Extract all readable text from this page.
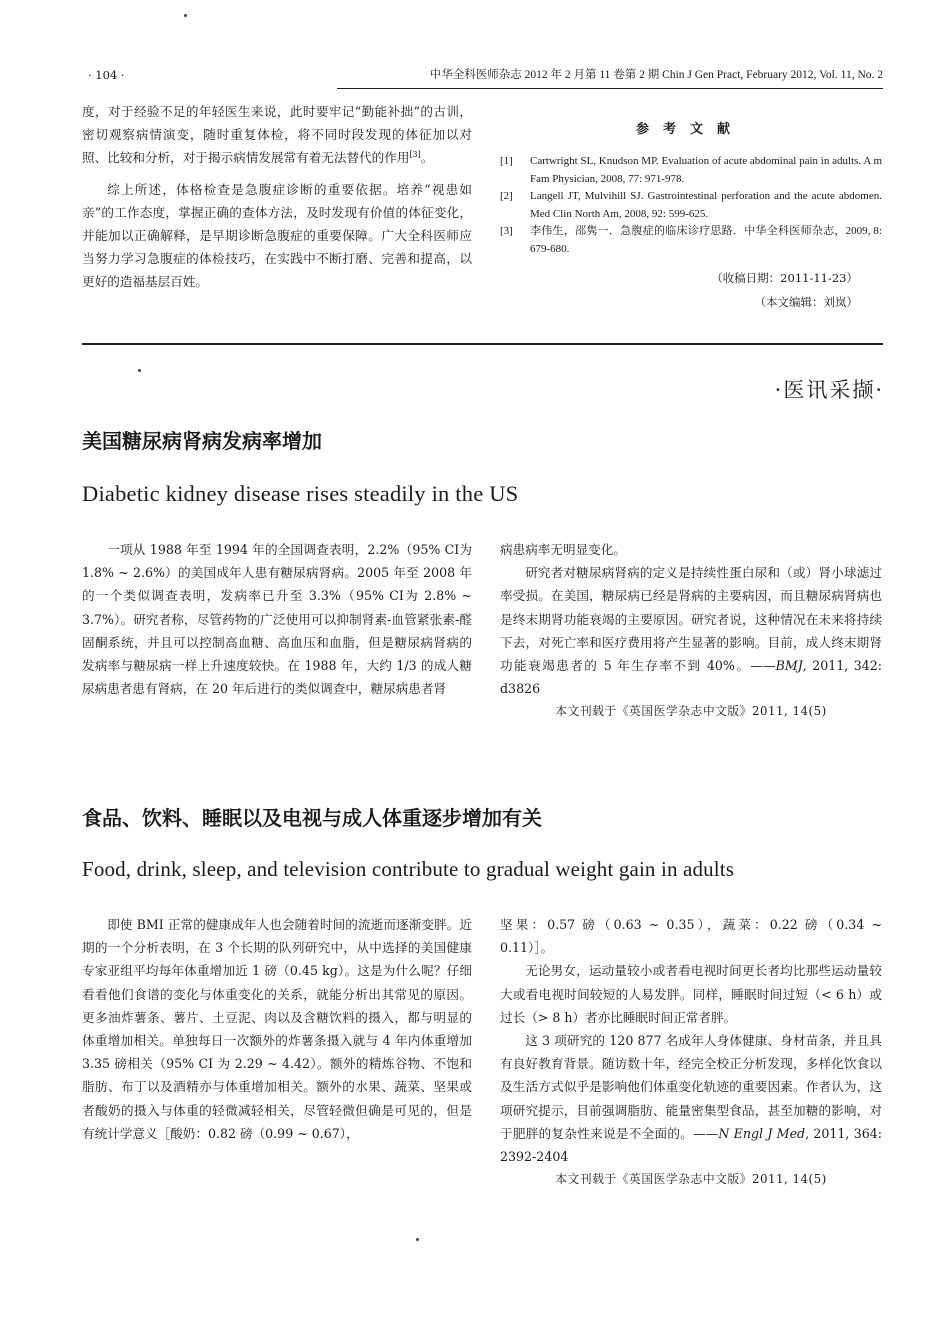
· 104 ·	中华全科医师杂志 2012 年 2 月第 11 卷第 2 期 Chin J Gen Pract, February 2012, Vol. 11, No. 2

度，对于经验不足的年轻医生来说，此时要牢记“勤能补拙”的古训，密切观察病情演变，随时重复体检，将不同时段发现的体征加以对照、比较和分析，对于揭示病情发展常有着无法替代的作用[3]。

综上所述，体格检查是急腹症诊断的重要依据。培养“视患如亲”的工作态度，掌握正确的查体方法，及时发现有价值的体征变化，并能加以正确解释，是早期诊断急腹症的重要保障。广大全科医师应当努力学习急腹症的体检技巧，在实践中不断打磨、完善和提高，以更好的造福基层百姓。

参考文献
[1] Cartwright SL, Knudson MP. Evaluation of acute abdominal pain in adults. A m Fam Physician, 2008, 77: 971-978.
[2] Langell JT, Mulvihill SJ. Gastrointestinal perforation and the acute abdomen. Med Clin North Am, 2008, 92: 599-625.
[3] 李伟生，邵隽一．急腹症的临床诊疗思路．中华全科医师杂志，2009, 8: 679-680.
（收稿日期：2011-11-23）
（本文编辑：刘岚）
·医讯采撷·
美国糖尿病肾病发病率增加
Diabetic kidney disease rises steadily in the US

一项从 1988 年至 1994 年的全国调查表明，2.2%（95% CI为 1.8% ~ 2.6%）的美国成年人患有糖尿病肾病。2005 年至 2008 年的一个类似调查表明，发病率已升至 3.3%（95% CI为 2.8% ~ 3.7%）。研究者称，尽管药物的广泛使用可以抑制肾素-血管紧张素-醛固酮系统，并且可以控制高血糖、高血压和血脂，但是糖尿病肾病的发病率与糖尿病一样上升速度较快。在 1988 年，大约 1/3 的成人糖尿病患者患有肾病，在 20 年后进行的类似调查中，糖尿病患者肾

病患病率无明显变化。

研究者对糖尿病肾病的定义是持续性蛋白尿和（或）肾小球滤过率受损。在美国，糖尿病已经是肾病的主要病因，而且糖尿病肾病也是终末期肾功能衰竭的主要原因。研究者说，这种情况在未来将持续下去，对死亡率和医疗费用将产生显著的影响。目前，成人终末期肾功能衰竭患者的 5 年生存率不到 40%。——BMJ, 2011, 342: d3826

本文刊载于《英国医学杂志中文版》2011, 14(5)

食品、饮料、睡眠以及电视与成人体重逐步增加有关
Food, drink, sleep, and television contribute to gradual weight gain in adults

即使 BMI 正常的健康成年人也会随着时间的流逝而逐渐变胖。近期的一个分析表明，在 3 个长期的队列研究中，从中选择的美国健康专家亚组平均每年体重增加近 1 磅（0.45 kg）。这是为什么呢？仔细看看他们食谱的变化与体重变化的关系，就能分析出其常见的原因。更多油炸薯条、薯片、土豆泥、肉以及含糖饮料的摄入，都与明显的体重增加相关。单独每日一次额外的炸薯条摄入就与 4 年内体重增加 3.35 磅相关（95% CI 为 2.29 ~ 4.42）。额外的精炼谷物、不饱和脂肪、布丁以及酒精亦与体重增加相关。额外的水果、蔬菜、坚果或者酸奶的摄入与体重的轻微减轻相关，尽管轻微但确是可见的，但是有统计学意义［酸奶：0.82 磅（0.99 ~ 0.67），

坚果：0.57 磅（0.63 ~ 0.35），蔬菜：0.22 磅（0.34 ~ 0.11）］。

无论男女，运动量较小或者看电视时间更长者均比那些运动量较大或看电视时间较短的人易发胖。同样，睡眠时间过短（< 6 h）或过长（> 8 h）者亦比睡眠时间正常者胖。

这 3 项研究的 120 877 名成年人身体健康、身材苗条，并且具有良好教育背景。随访数十年，经完全校正分析发现，多样化饮食以及生活方式似乎是影响他们体重变化轨迹的重要因素。作者认为，这项研究提示，目前强调脂肪、能量密集型食品，甚至加糖的影响，对于肥胖的复杂性来说是不全面的。——N Engl J Med, 2011, 364: 2392-2404

本文刊载于《英国医学杂志中文版》2011, 14(5)
